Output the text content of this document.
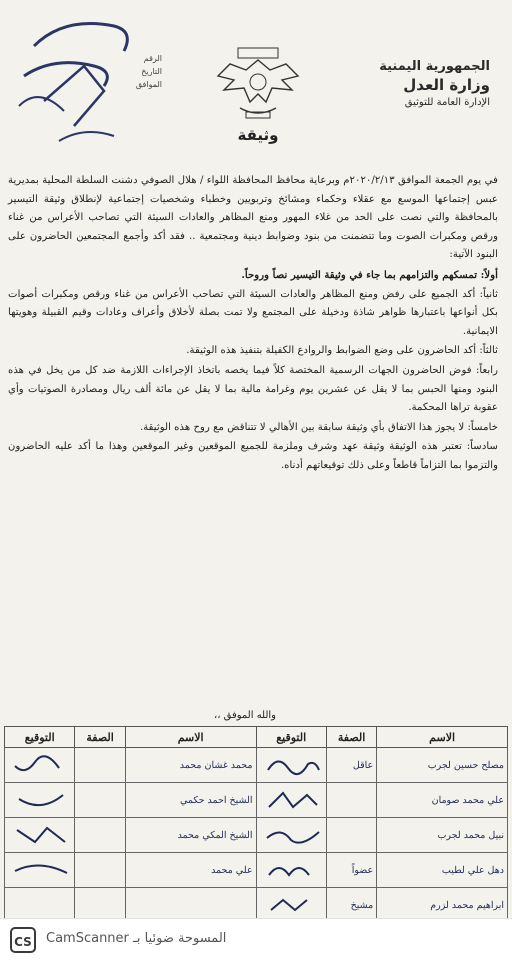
الرقم
التاريخ
الموافق
وثيقة
الجمهورية اليمنية
وزارة العدل
الإدارة العامة للتوثيق

في يوم الجمعة الموافق ٢٠٢٠/٢/١٣م وبرعاية محافظ المحافظة اللواء / هلال الصوفي دشنت السلطة المحلية بمديرية عبس إجتماعها الموسع مع عقلاء وحكماء ومشائخ وتربويين وخطباء وشخصيات إجتماعية لإنطلاق وثيقة التيسير بالمحافظة والتي نصت على الحد من غلاء المهور ومنع المظاهر والعادات السيئة التي تصاحب الأعراس من غناء ورقص ومكبرات الصوت وما تتضمنت من بنود وضوابط دينية ومجتمعية .. فقد أكد وأجمع المجتمعين الحاضرون على البنود الآتية:

أولاً: تمسكهم والتزامهم بما جاء في وثيقة التيسير نصاً وروحاً.

ثانياً: أكد الجميع على رفض ومنع المظاهر والعادات السيئة التي تصاحب الأعراس من غناء ورقص ومكبرات أصوات بكل أنواعها باعتبارها ظواهر شاذة ودخيلة على المجتمع ولا تمت بصلة لأخلاق وأعراف وعادات وقيم القبيلة وهويتها الايمانية.

ثالثاً: أكد الحاضرون على وضع الضوابط والروادع الكفيلة بتنفيذ هذه الوثيقة.

رابعاً: فوض الحاضرون الجهات الرسمية المختصة كلاً فيما يخصه باتخاذ الإجراءات اللازمة ضد كل من يخل في هذه البنود ومنها الحبس بما لا يقل عن عشرين يوم وغرامة مالية بما لا يقل عن مائة ألف ريال ومصادرة الصوتيات وأي عقوبة تراها المحكمة.

خامساً: لا يجوز هذا الاتفاق بأي وثيقة سابقة بين الأهالي لا تتناقض مع روح هذه الوثيقة.

سادساً: تعتبر هذه الوثيقة وثيقة عهد وشرف وملزمة للجميع الموقعين وغير الموقعين وهذا ما أكد عليه الحاضرون والتزموا بما التزاماً قاطعاً وعلى ذلك توقيعاتهم أدناه.

والله الموفق ،،
الاسم	الصفة	التوقيع	الاسم	الصفة	التوقيع
مصلح حسين لجرب	عاقل		محمد غشان محمد		

علي محمد صومان			الشيخ احمد حكمي		

نبيل محمد لجرب			الشيخ المكي محمد		

دهل علي لطيب	عضواً		علي محمد		

ابراهيم محمد لزرم	مشيخ	

CS	المسوحة ضوئيا بـ CamScanner
